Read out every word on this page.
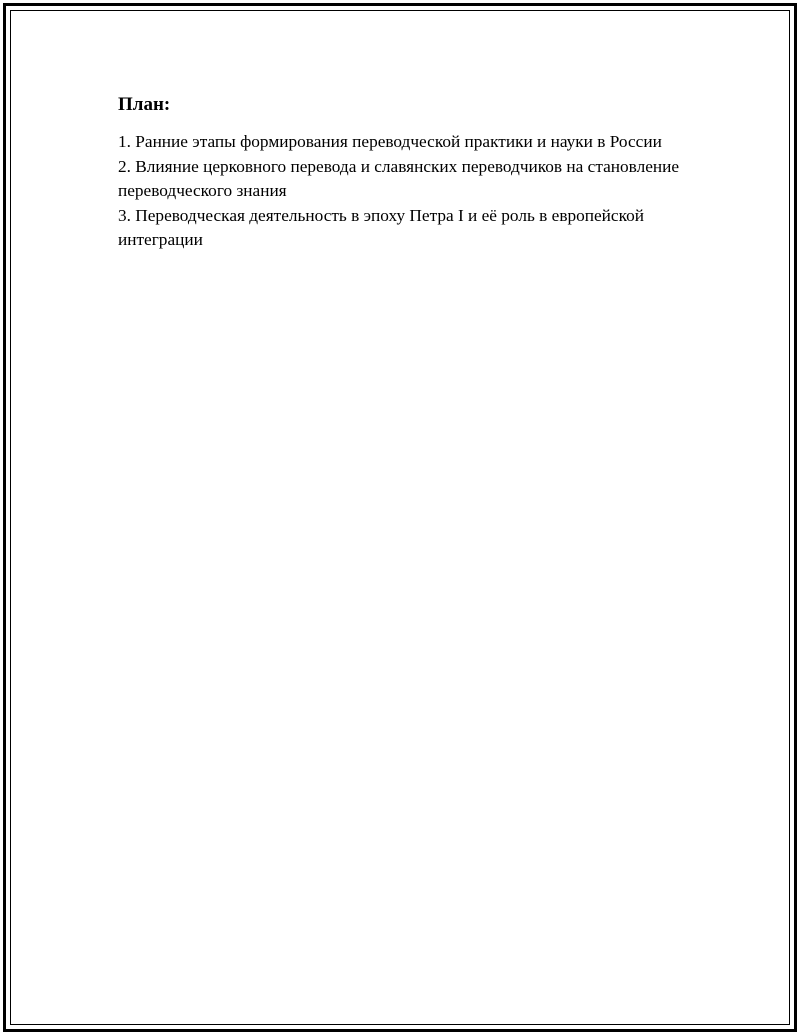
План:
1. Ранние этапы формирования переводческой практики и науки в России
2. Влияние церковного перевода и славянских переводчиков на становление переводческого знания
3. Переводческая деятельность в эпоху Петра I и её роль в европейской интеграции
